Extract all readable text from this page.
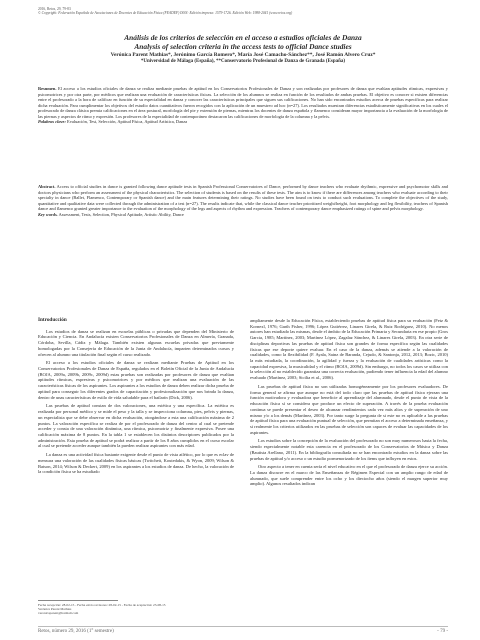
2016, Retos, 29, 79-83
© Copyright: Federación Española de Asociaciones de Docentes de Educación Física (FEADEF) ISSN: Edición impresa: 1579-1726. Edición Web: 1988-2041 (www.retos.org)
Análisis de los criterios de selección en el acceso a estudios oficiales de Danza
Analysis of selection criteria in the access tests to official Dance studies
Verónica Parent Mathias*, Jerónimo García Romero*, María José Camacho-Sánchez**, José Ramón Alvero Cruz*
*Universidad de Málaga (España), **Conservatorio Profesional de Danza de Granada (España)
Resumen. El acceso a los estudios oficiales de danza se realiza mediante pruebas de aptitud en los Conservatorios Profesionales de Danza y son realizadas por profesores de danza que evalúan aptitudes rítmicas, expresivas y psicomotrices y por otra parte, por médicos que realizan una evaluación de características físicas. La selección de los alumnos se realiza en función de los resultados de ambas pruebas. El objetivo es conocer si existen diferencias entre el profesorado a la hora de calificar en función de su especialidad en danza y conocer las características principales que siguen sus calificaciones. No han sido encontrados estudios acerca de pruebas específicas para realizar dicha evaluación. Para cumplimentar los objetivos del estudio datos cuantitativos fueron recogidos con la aplicación de un muestreo ad hoc (n=27). Los resultados muestran diferencias estadísticamente significativas en los cuales el profesorado de danza clásica premia calificaciones en el área postural, morfología del pie y extensión de piernas, mientras los docentes de danza española y flamenco consideran mayor importancia a la evaluación de la morfología de las piernas y aspectos de ritmo y expresión. Los profesores de la especialidad de contemporáneo destacaron las calificaciones de morfología de la columna y la pelvis.
Palabras clave: Evaluación, Test, Selección, Aptitud Física, Aptitud Artística, Danza
Abstract. Access to official studies in dance is granted following dance aptitude tests in Spanish Professional Conservatoires of Dance, performed by dance teachers who evaluate rhythmic, expressive and psychomotor skills and doctors physicians who perform an assessment of the physical characteristics. The selection of students is based on the results of these tests. The aim is to know if there are differences among teachers who evaluate according to their specialty in dance (Ballet, Flamenco, Contemporary or Spanish dance) and the main features determining their ratings. No studies have been found on tests to conduct such evaluations. To complete the objectives of the study, quantitative and qualitative data were collected through the administration of a test (n=27). The results indicate that, while the classical dance teacher prioritized weight/height, foot morphology and leg flexibility, teachers of Spanish dance and flamenco granted greater importance to the evaluation of the morphology of the legs and aspects of rhythm and expression. Teachers of contemporary dance emphasized ratings of spine and pelvis morphology.
Key words. Assessment, Tests, Selection, Physical Aptitude, Artistic Ability, Dance
Introducción

Los estudios de danza se realizan en escuelas públicas o privadas que dependen del Ministerio de Educación y Ciencia. En Andalucía existen Conservatorios Profesionales de Danza en Almería, Granada, Córdoba, Sevilla, Cádiz y Málaga. También existen algunas escuelas privadas que previamente homologadas por la Consejería de Educación de la Junta de Andalucía, imparten determinados cursos y ofrecen al alumno una titulación final según el curso realizado.

El acceso a los estudios oficiales de danza se realizan mediante Pruebas de Aptitud en los Conservatorios Profesionales de Danza de España, regulados en el Boletín Oficial de la Junta de Andalucía (BOJA, 2009a, 2009b, 2009c, 2009d) estas pruebas son realizadas por profesores de danza que evalúan aptitudes rítmicas, expresivas y psicomotrices y por médicos que realizan una evaluación de las características físicas de los aspirantes. Los aspirantes a los estudios de danza deben realizar dicha prueba de aptitud para conseguir los diferentes grados de capacitación y profesionalización que nos brinda la danza, dentro de unas características de estilo de vida saludable para el bailarín (Dick, 2006).

Las pruebas de aptitud constan de dos valoraciones, una estética y una específica. La estética es realizada por personal médico y se mide el peso y la talla y se inspecciona columna, pies, pelvis y piernas, un especialista que se debe observar en dicha evaluación, otorgándose a esta una calificación máxima de 2 puntos. La valoración específica se realiza de por el profesorado de danza del centro al cual se pretende acceder y consta de una valoración dinámica, una rítmica, psicomotriz y finalmente expresiva. Posee una calificación máxima de 8 puntos. En la tabla 1 se establecen los distintos descriptores publicados por la administración. Esta prueba de aptitud se podrá realizar a partir de los 8 años cumplidos en el curso escolar al cual se pretende acceder aunque también la pueden realizar aspirantes con más edad.

La danza es una actividad física bastante exigente desde el punto de vista atlético, por lo que es eclav de mensura una valoración de las cualidades físicas básicas (Twitchett, Koutedakis, & Wyon, 2009; Wilson & Batson, 2014; Wilson & Deckert, 2009) en los aspirantes a los estudios de danza. De hecho, la valoración de la condición física se ha estudiado

Fecha recepción: 28-02-15 - Fecha envío revisores: 28-02-15 - Fecha de aceptación: 23-08-15
Verónica Parent Mathias
veronicaparent@hotmail.com

ampliamente desde la Educación Física, estableciendo pruebas de aptitud física para su evaluación (Fetz & Kornexl, 1976; Garth Fisher, 1996; López Gutiérrez, Linares Girela, & Ruiz Rodríguez, 2010). No menos autores han estudiado las mismas, desde el ámbito de la Educación Primaria y Secundaria en ese propio (Gros Garcia, 1985; Martínez, 2003; Martínez López, Zagalaz Sánchez, & Linares Girela, 2003). En otra serie de disciplinas deportivas las pruebas de aptitud física son grandes de forma específica según las cualidades físicas que ese deporte quiere evaluar. En el caso de la danza, además se atiende a la valoración de cualidades, como la flexibilidad (F. Ayala, Sainz de Baranda, Cejudo, & Santonja, 2012, 2013; Bozic, 2010) la más estudiada, la coordinación, la agilidad y fuerza y la evaluación de cualidades artísticas como la capacidad expresiva, la musicalidad y el ritmo (BOJA, 2009d). Sin embargo, no todos los casos se utiliza con la selección al no establecido garantiza una correcta evaluación, pudiendo tener influencia la edad del alumno evaluado (Martínez, 2003; Sicilia et al., 2006).

Las pruebas de aptitud física no son utilizadas homogéneamente por los profesores evaluadores. De forma general se afirma que aunque no está del todo claro que las pruebas de aptitud física ejerzan una función motivadora y evaluadora que beneficie al aprendizaje del alumnado, desde el punto de vista de la educación física sí se considera que produce un efecto de superación. A través de la prueba evaluación continua se puede presentar el deseo de alcanzar rendimientos cada vez más altos y de superación de uno mismo y/o a los demás (Martínez, 2003). Por tanto surge la pregunta de si este no es aplicable a las pruebas de aptitud física para una evaluación puntual de selección, que permitan el acceso a determinada enseñanza, y si realmente los criterios utilizados en las pruebas de selección son capaces de evaluar las capacidades de los aspirantes.

Los estudios sobre la concepción de la evaluación del profesorado no son muy numerosos hasta la fecha, siendo especialmente notable esta carencia en el profesorado de los Conservatorios de Música y Danza (Bautista Arellano, 2011). En la bibliografía consultada no se han encontrado estudios en la danza sobre las pruebas de aptitud y/o acceso o un estudio pormenorizado de los ítems que influyen en estos.

Otro aspecto a tener en cuenta sería el nivel educativo en el que el profesorado de danza ejerce su acción. La danza discurre en el marco de las Enseñanzas de Régimen Especial con un amplio rango de edad de alumnado, que suele comprender entre los ocho y los dieciocho años (siendo el margen superior muy amplio). Algunos resultados indican

Retos, número 29, 2016 (1° semestre)	- 79 -
